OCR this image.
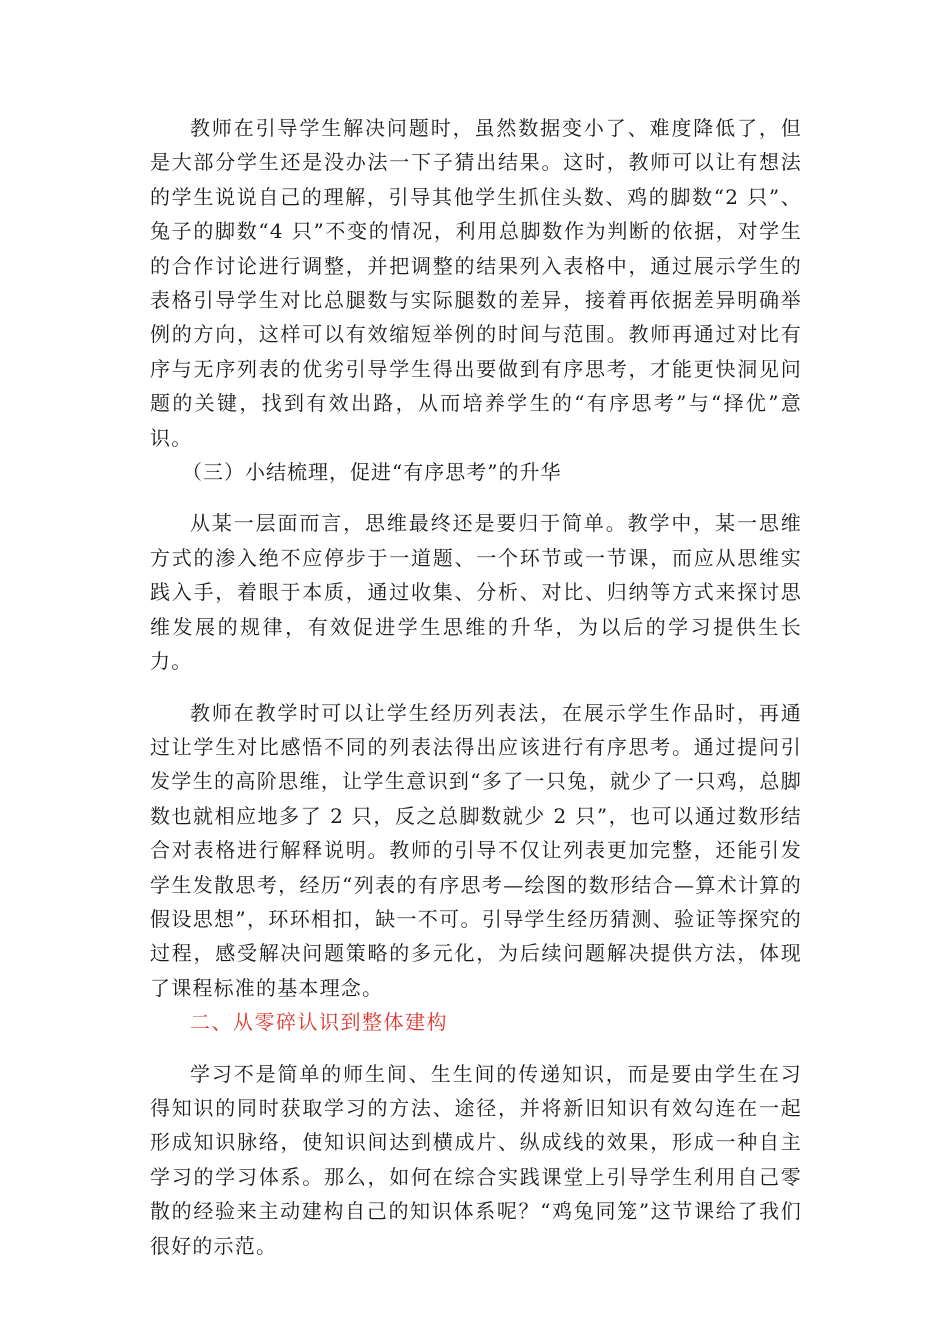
教师在引导学生解决问题时，虽然数据变小了、难度降低了，但是大部分学生还是没办法一下子猜出结果。这时，教师可以让有想法的学生说说自己的理解，引导其他学生抓住头数、鸡的脚数“2 只”、兔子的脚数“4 只”不变的情况，利用总脚数作为判断的依据，对学生的合作讨论进行调整，并把调整的结果列入表格中，通过展示学生的表格引导学生对比总腿数与实际腿数的差异，接着再依据差异明确举例的方向，这样可以有效缩短举例的时间与范围。教师再通过对比有序与无序列表的优劣引导学生得出要做到有序思考，才能更快洞见问题的关键，找到有效出路，从而培养学生的“有序思考”与“择优”意识。

（三）小结梳理，促进“有序思考”的升华

从某一层面而言，思维最终还是要归于简单。教学中，某一思维方式的渗入绝不应停步于一道题、一个环节或一节课，而应从思维实践入手，着眼于本质，通过收集、分析、对比、归纳等方式来探讨思维发展的规律，有效促进学生思维的升华，为以后的学习提供生长力。

教师在教学时可以让学生经历列表法，在展示学生作品时，再通过让学生对比感悟不同的列表法得出应该进行有序思考。通过提问引发学生的高阶思维，让学生意识到“多了一只兔，就少了一只鸡，总脚数也就相应地多了 2 只，反之总脚数就少 2 只”，也可以通过数形结合对表格进行解释说明。教师的引导不仅让列表更加完整，还能引发学生发散思考，经历“列表的有序思考—绘图的数形结合—算术计算的假设思想”，环环相扣，缺一不可。引导学生经历猜测、验证等探究的过程，感受解决问题策略的多元化，为后续问题解决提供方法，体现了课程标准的基本理念。

二、从零碎认识到整体建构

学习不是简单的师生间、生生间的传递知识，而是要由学生在习得知识的同时获取学习的方法、途径，并将新旧知识有效勾连在一起形成知识脉络，使知识间达到横成片、纵成线的效果，形成一种自主学习的学习体系。那么，如何在综合实践课堂上引导学生利用自己零散的经验来主动建构自己的知识体系呢？“鸡兔同笼”这节课给了我们很好的示范。
